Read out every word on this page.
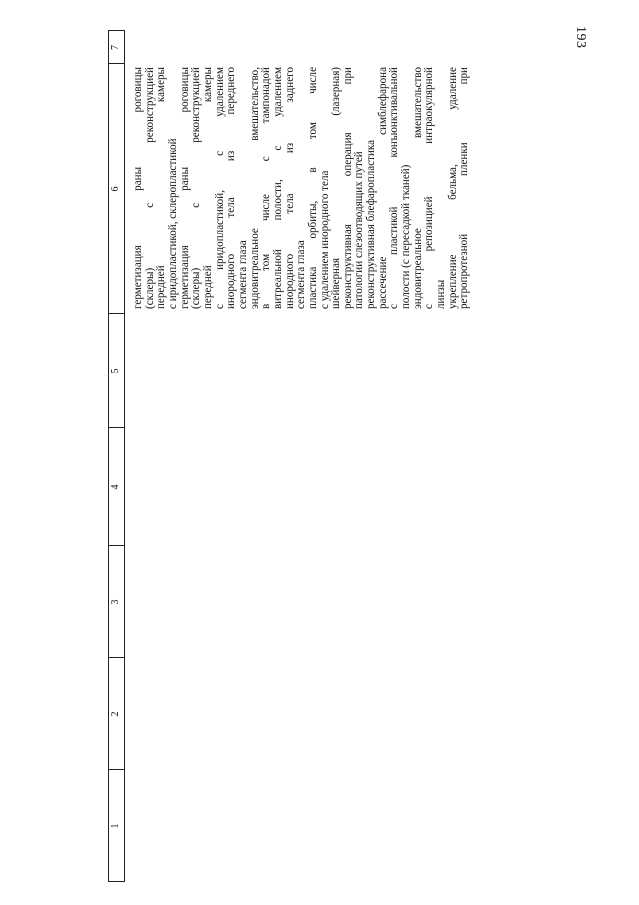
193
1
2
3
4
5
6
7
герметизация раны роговицы (склеры) с реконструкцией передней камеры с иридопластикой, склеропластикой герметизация раны роговицы (склеры) с реконструкцией передней камеры с иридопластикой, с удалением инородного тела из переднего сегмента глаза эндовитреальное вмешательство, в том числе с тампонадой витреальной полости, с удалением инородного тела из заднего сегмента глаза пластика орбиты, в том числе с удалением инородного тела шейверная (лазерная) реконструктивная операция при патологии слезоотводящих путей реконструктивная блефаропластика рассечение симблефарона с пластикой конъюнктивальной полости (с пересадкой тканей) эндовитреальное вмешательство с репозицией интраокулярной линзы укрепление бельма, удаление ретропротезной пленки при
